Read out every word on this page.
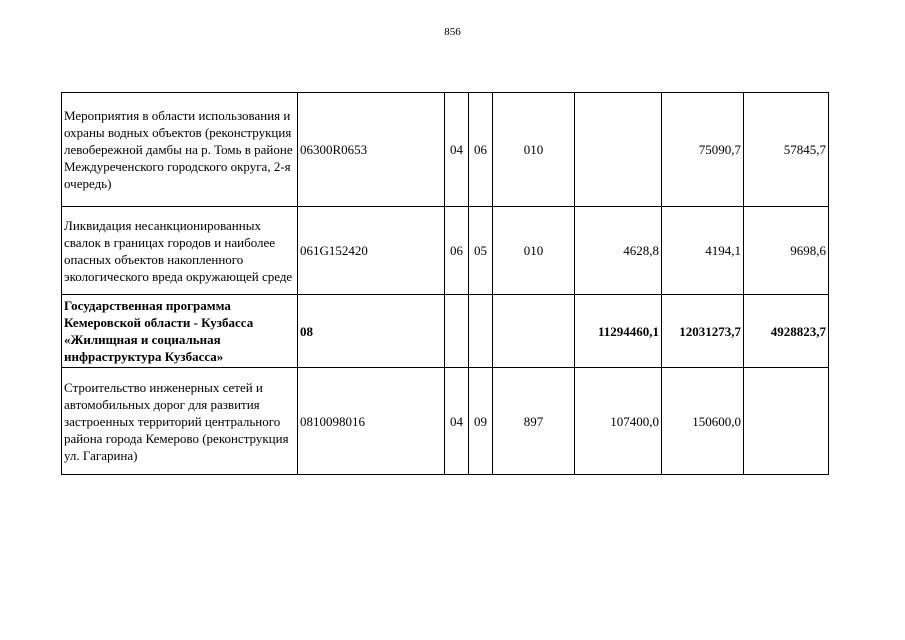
856
Мероприятия в области использования и охраны водных объектов (реконструкция левобережной дамбы на р. Томь в районе Междуреченского городского округа, 2-я очередь)	06300R0653	04	06	010		75090,7	57845,7
Ликвидация несанкционированных свалок в границах городов и наиболее опасных объектов накопленного экологического вреда окружающей среде	061G152420	06	05	010	4628,8	4194,1	9698,6
Государственная программа Кемеровской области - Кузбасса «Жилищная и социальная инфраструктура Кузбасса»	08				11294460,1	12031273,7	4928823,7
Строительство инженерных сетей и автомобильных дорог для развития застроенных территорий центрального района города Кемерово (реконструкция ул. Гагарина)	0810098016	04	09	897	107400,0	150600,0	
